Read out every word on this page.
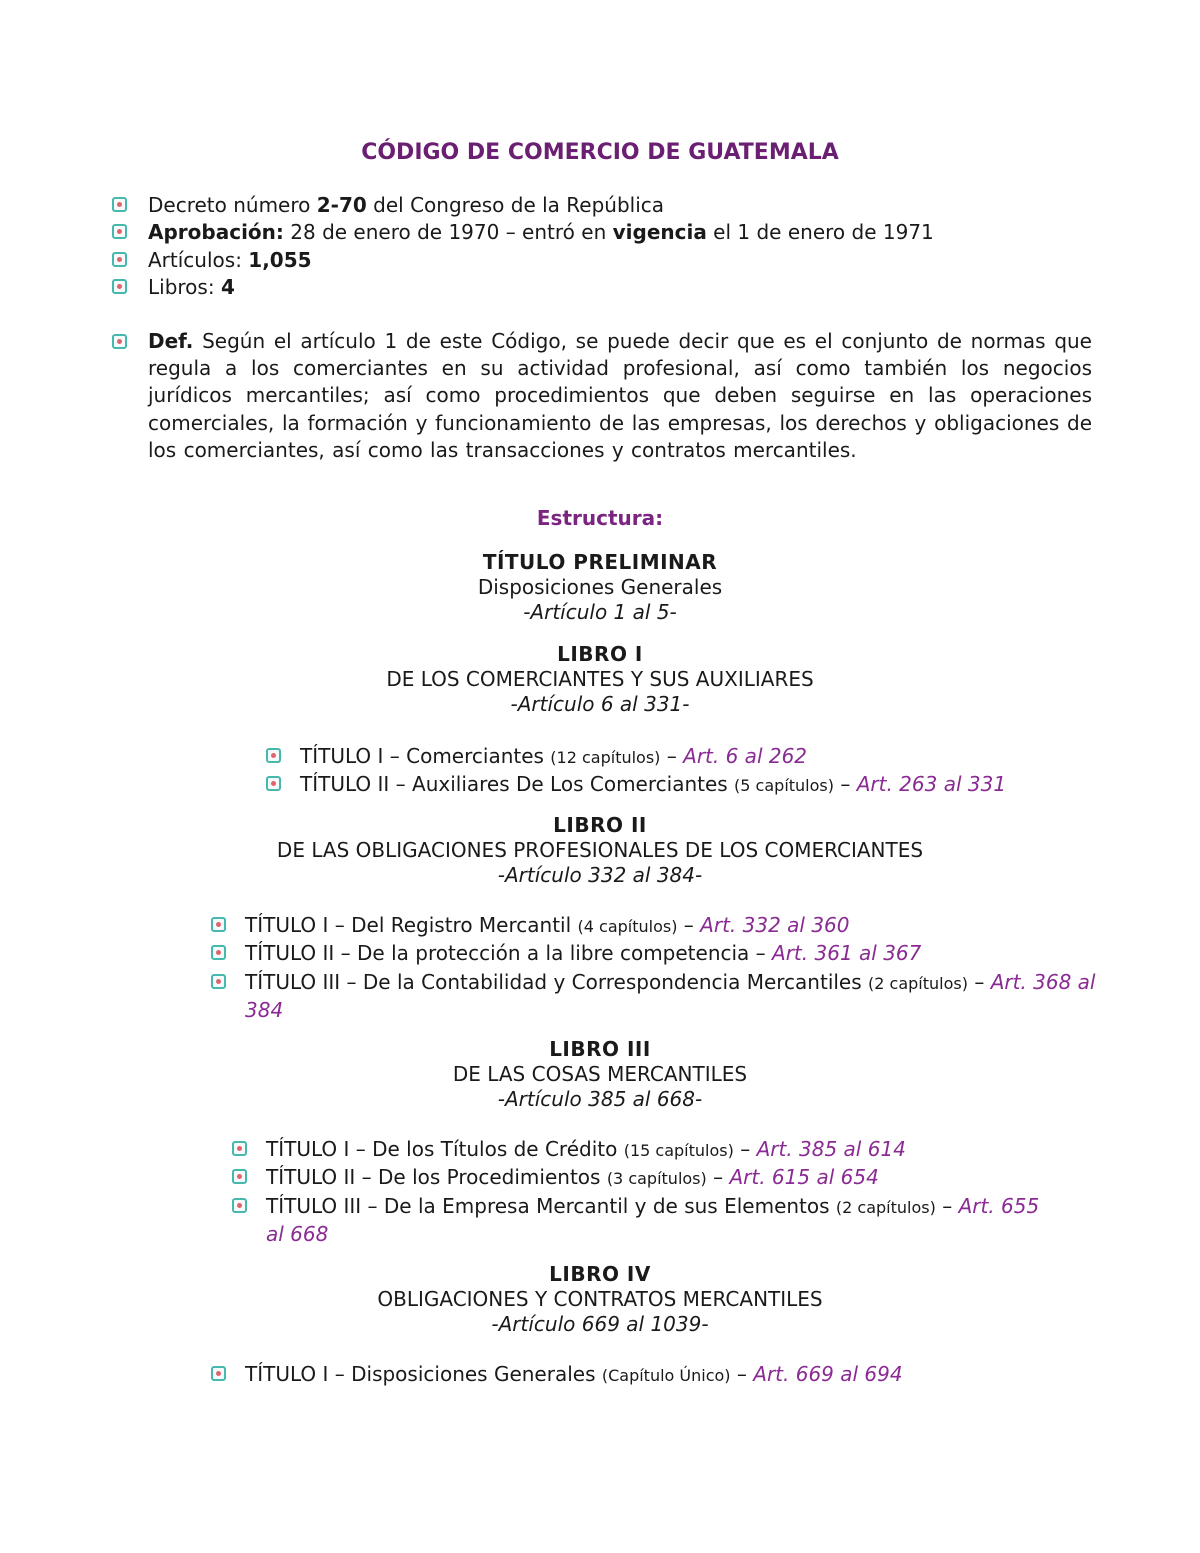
CÓDIGO DE COMERCIO DE GUATEMALA
Decreto número 2-70 del Congreso de la República
Aprobación: 28 de enero de 1970 – entró en vigencia el 1 de enero de 1971
Artículos: 1,055
Libros: 4

Def. Según el artículo 1 de este Código, se puede decir que es el conjunto de normas que regula a los comerciantes en su actividad profesional, así como también los negocios jurídicos mercantiles; así como procedimientos que deben seguirse en las operaciones comerciales, la formación y funcionamiento de las empresas, los derechos y obligaciones de los comerciantes, así como las transacciones y contratos mercantiles.

Estructura:
TÍTULO PRELIMINAR
Disposiciones Generales
-Artículo 1 al 5-
LIBRO I
DE LOS COMERCIANTES Y SUS AUXILIARES
-Artículo 6 al 331-
TÍTULO I – Comerciantes (12 capítulos) – Art. 6 al 262
TÍTULO II – Auxiliares De Los Comerciantes (5 capítulos) – Art. 263 al 331
LIBRO II
DE LAS OBLIGACIONES PROFESIONALES DE LOS COMERCIANTES
-Artículo 332 al 384-
TÍTULO I – Del Registro Mercantil (4 capítulos) – Art. 332 al 360
TÍTULO II – De la protección a la libre competencia – Art. 361 al 367
TÍTULO III – De la Contabilidad y Correspondencia Mercantiles (2 capítulos) – Art. 368 al 384
LIBRO III
DE LAS COSAS MERCANTILES
-Artículo 385 al 668-
TÍTULO I – De los Títulos de Crédito (15 capítulos) – Art. 385 al 614
TÍTULO II – De los Procedimientos (3 capítulos) – Art. 615 al 654
TÍTULO III – De la Empresa Mercantil y de sus Elementos (2 capítulos) – Art. 655 al 668
LIBRO IV
OBLIGACIONES Y CONTRATOS MERCANTILES
-Artículo 669 al 1039-
TÍTULO I – Disposiciones Generales (Capítulo Único) – Art. 669 al 694
